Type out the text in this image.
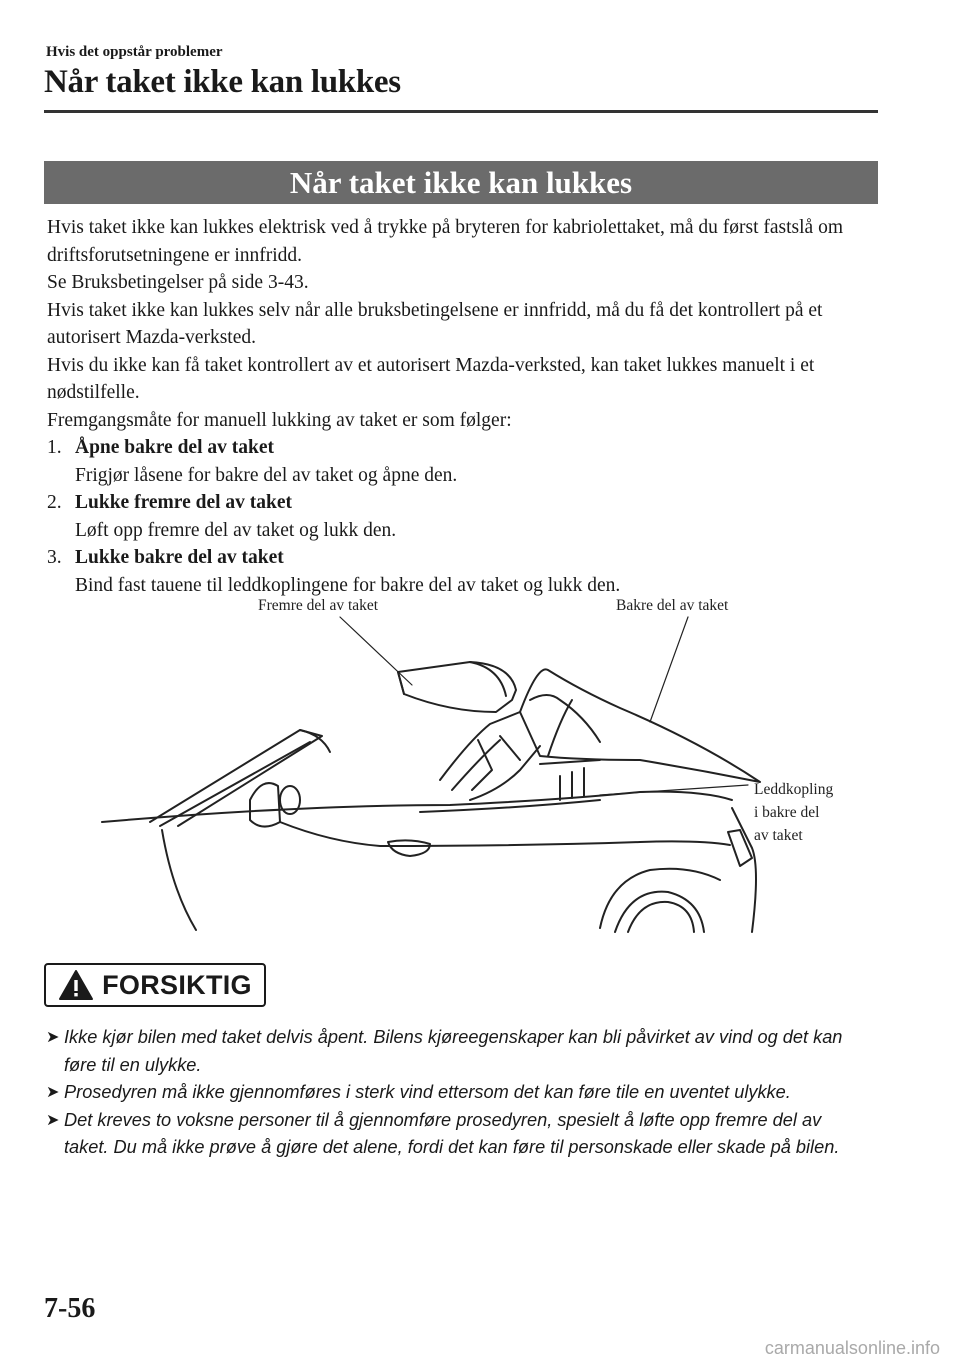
Hvis det oppstår problemer
Når taket ikke kan lukkes
Når taket ikke kan lukkes

Hvis taket ikke kan lukkes elektrisk ved å trykke på bryteren for kabriolettaket, må du først fastslå om driftsforutsetningene er innfridd.

Se Bruksbetingelser på side 3-43.

Hvis taket ikke kan lukkes selv når alle bruksbetingelsene er innfridd, må du få det kontrollert på et autorisert Mazda-verksted.

Hvis du ikke kan få taket kontrollert av et autorisert Mazda-verksted, kan taket lukkes manuelt i et nødstilfelle.

Fremgangsmåte for manuell lukking av taket er som følger:

1. Åpne bakre del av taket
Frigjør låsene for bakre del av taket og åpne den.
2. Lukke fremre del av taket
Løft opp fremre del av taket og lukk den.
3. Lukke bakre del av taket
Bind fast tauene til leddkoplingene for bakre del av taket og lukk den.
Fremre del av taket	Bakre del av taket
Leddkopling
i bakre del
av taket
FORSIKTIG
➤ Ikke kjør bilen med taket delvis åpent. Bilens kjøreegenskaper kan bli påvirket av vind og det kan føre til en ulykke.
➤ Prosedyren må ikke gjennomføres i sterk vind ettersom det kan føre tile en uventet ulykke.
➤ Det kreves to voksne personer til å gjennomføre prosedyren, spesielt å løfte opp fremre del av taket. Du må ikke prøve å gjøre det alene, fordi det kan føre til personskade eller skade på bilen.
7-56
carmanualsonline.info
